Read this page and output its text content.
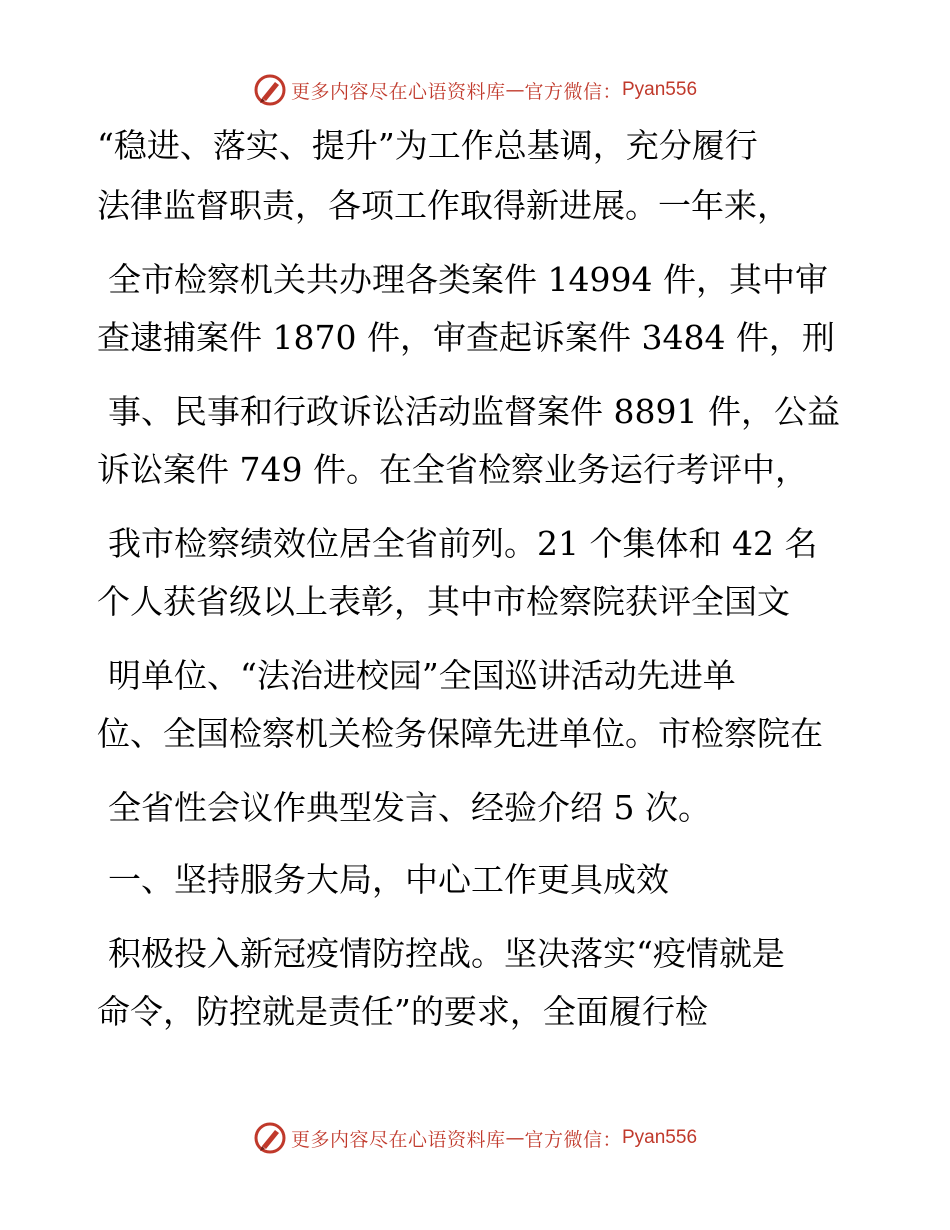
更多内容尽在心语资料库 — 官方微信： Pyan556
“稳进、落实、提升”为工作总基调，充分履行
法律监督职责，各项工作取得新进展。一年来，
全市检察机关共办理各类案件 14994 件，其中审
查逮捕案件 1870 件，审查起诉案件 3484 件，刑
事、民事和行政诉讼活动监督案件 8891 件，公益
诉讼案件 749 件。在全省检察业务运行考评中，
我市检察绩效位居全省前列。21 个集体和 42 名
个人获省级以上表彰，其中市检察院获评全国文
明单位、“法治进校园”全国巡讲活动先进单
位、全国检察机关检务保障先进单位。市检察院在
全省性会议作典型发言、经验介绍 5 次。
一、坚持服务大局，中心工作更具成效
积极投入新冠疫情防控战。坚决落实“疫情就是
命令，防控就是责任”的要求，全面履行检
更多内容尽在心语资料库 — 官方微信： Pyan556
